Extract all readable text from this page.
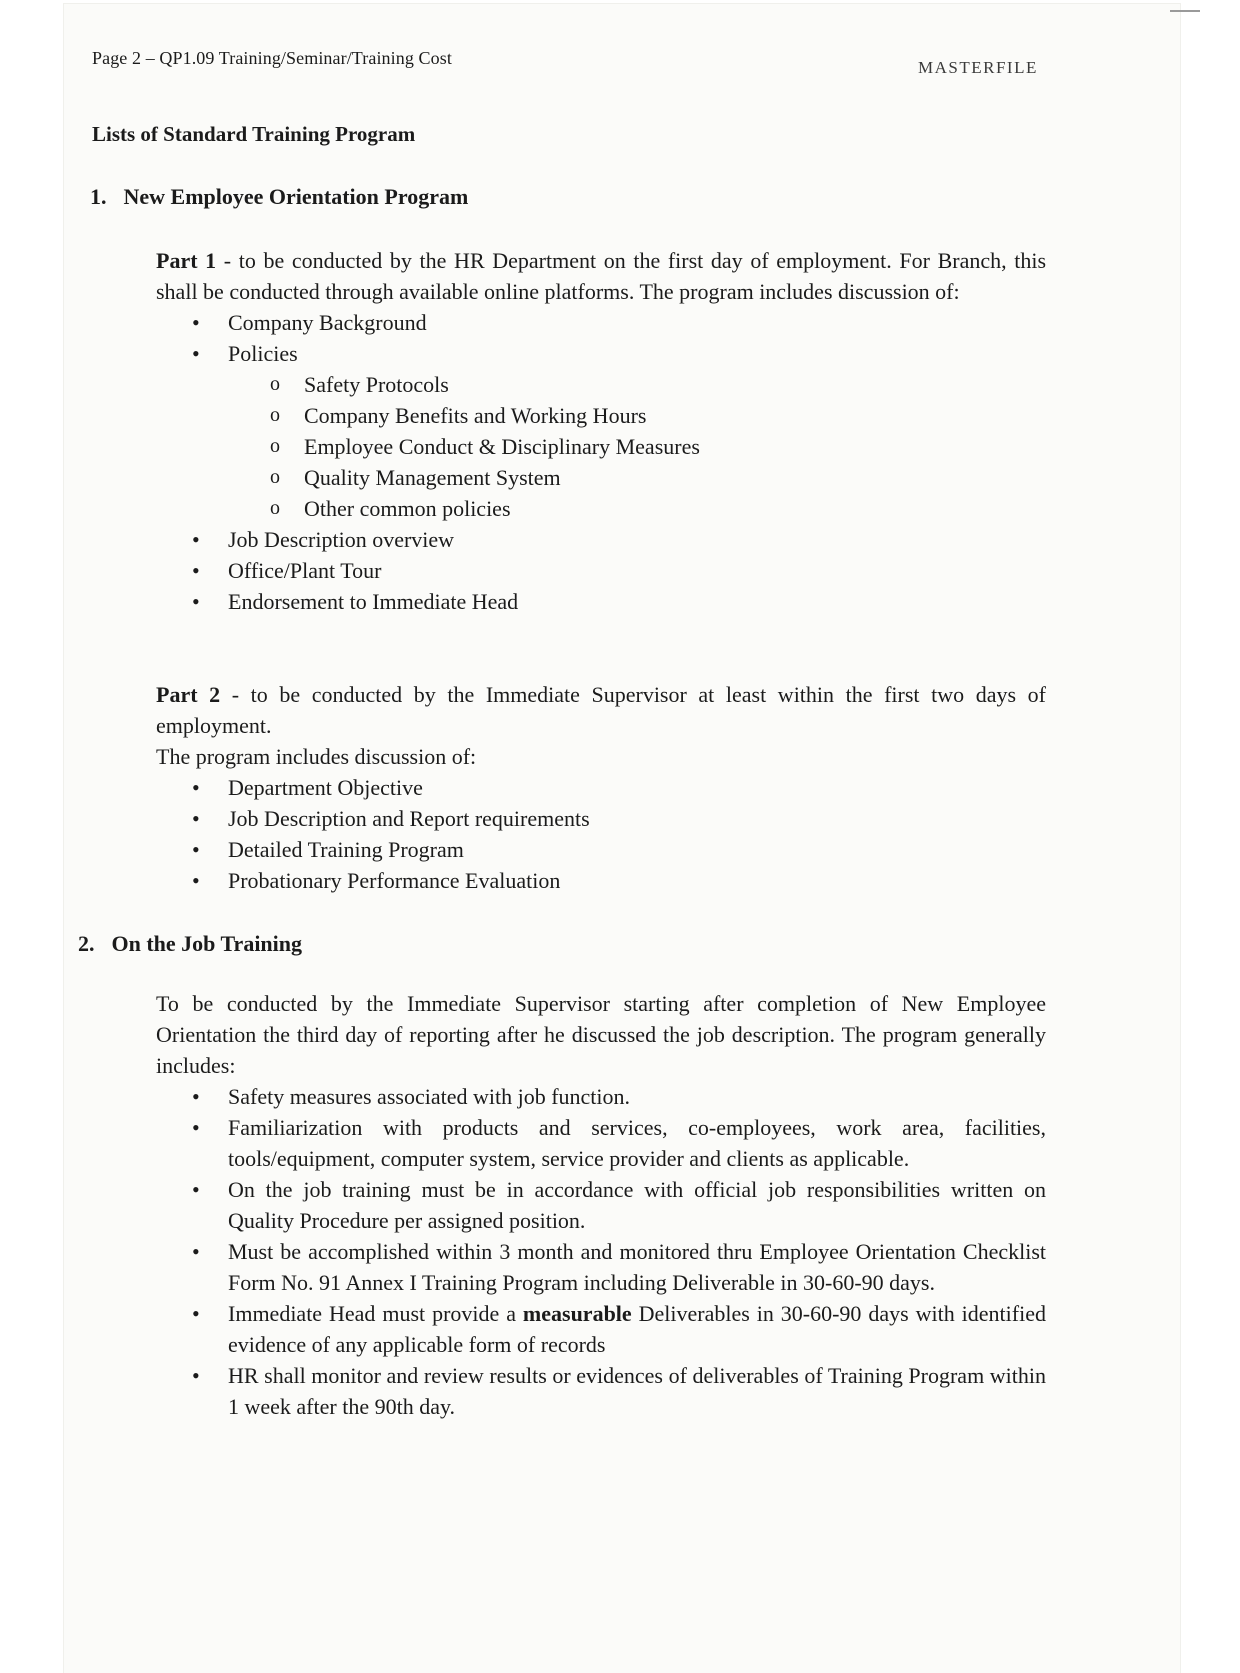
Page 2 – QP1.09 Training/Seminar/Training Cost	MASTERFILE
Lists of Standard Training Program
1. New Employee Orientation Program
Part 1 - to be conducted by the HR Department on the first day of employment. For Branch, this shall be conducted through available online platforms. The program includes discussion of:
• Company Background
• Policies
o Safety Protocols
o Company Benefits and Working Hours
o Employee Conduct & Disciplinary Measures
o Quality Management System
o Other common policies
• Job Description overview
• Office/Plant Tour
• Endorsement to Immediate Head
Part 2 - to be conducted by the Immediate Supervisor at least within the first two days of employment.
The program includes discussion of:
• Department Objective
• Job Description and Report requirements
• Detailed Training Program
• Probationary Performance Evaluation
2. On the Job Training
To be conducted by the Immediate Supervisor starting after completion of New Employee Orientation the third day of reporting after he discussed the job description. The program generally includes:
• Safety measures associated with job function.
• Familiarization with products and services, co-employees, work area, facilities, tools/equipment, computer system, service provider and clients as applicable.
• On the job training must be in accordance with official job responsibilities written on Quality Procedure per assigned position.
• Must be accomplished within 3 month and monitored thru Employee Orientation Checklist Form No. 91 Annex I Training Program including Deliverable in 30-60-90 days.
• Immediate Head must provide a measurable Deliverables in 30-60-90 days with identified evidence of any applicable form of records
• HR shall monitor and review results or evidences of deliverables of Training Program within 1 week after the 90th day.
